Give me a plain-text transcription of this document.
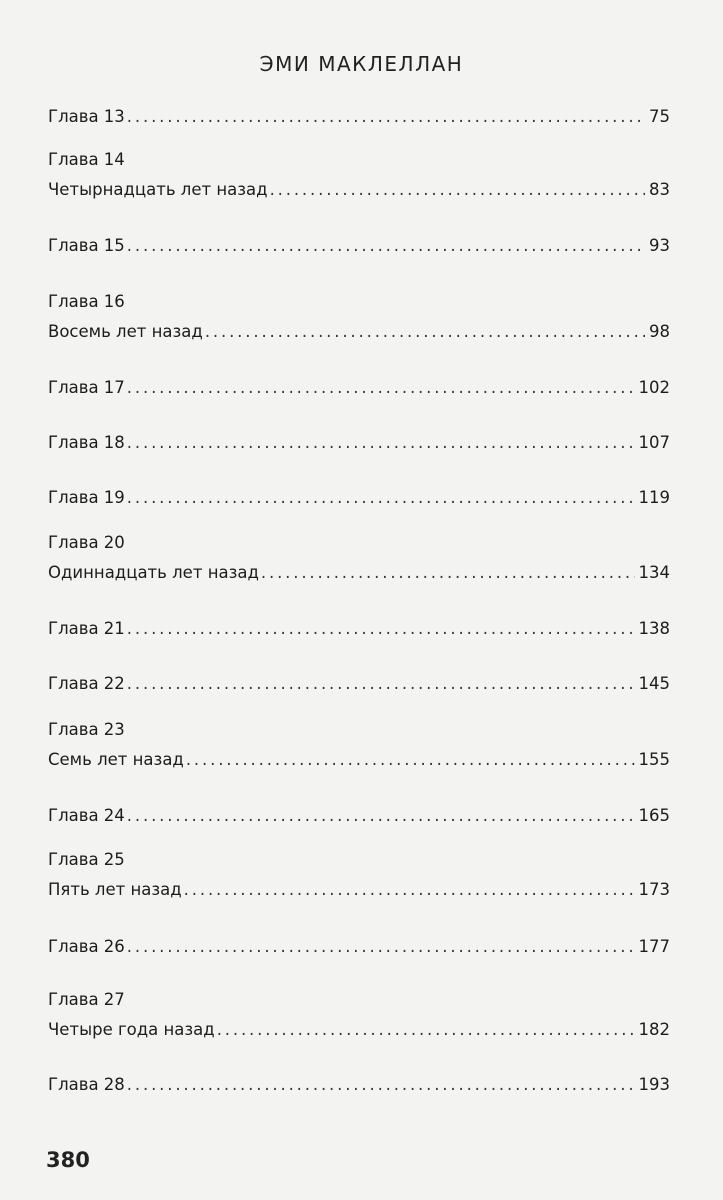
ЭМИ МАКЛЕЛЛАН
Глава 13 . . .	75
Глава 14
Четырнадцать лет назад . . .	83
Глава 15 . . .	93
Глава 16
Восемь лет назад . . .	98
Глава 17 . . .	102
Глава 18 . . .	107
Глава 19 . . .	119
Глава 20
Одиннадцать лет назад . . .	134
Глава 21 . . .	138
Глава 22 . . .	145
Глава 23
Семь лет назад . . .	155
Глава 24 . . .	165
Глава 25
Пять лет назад . . .	173
Глава 26 . . .	177
Глава 27
Четыре года назад . . .	182
Глава 28 . . .	193
380
